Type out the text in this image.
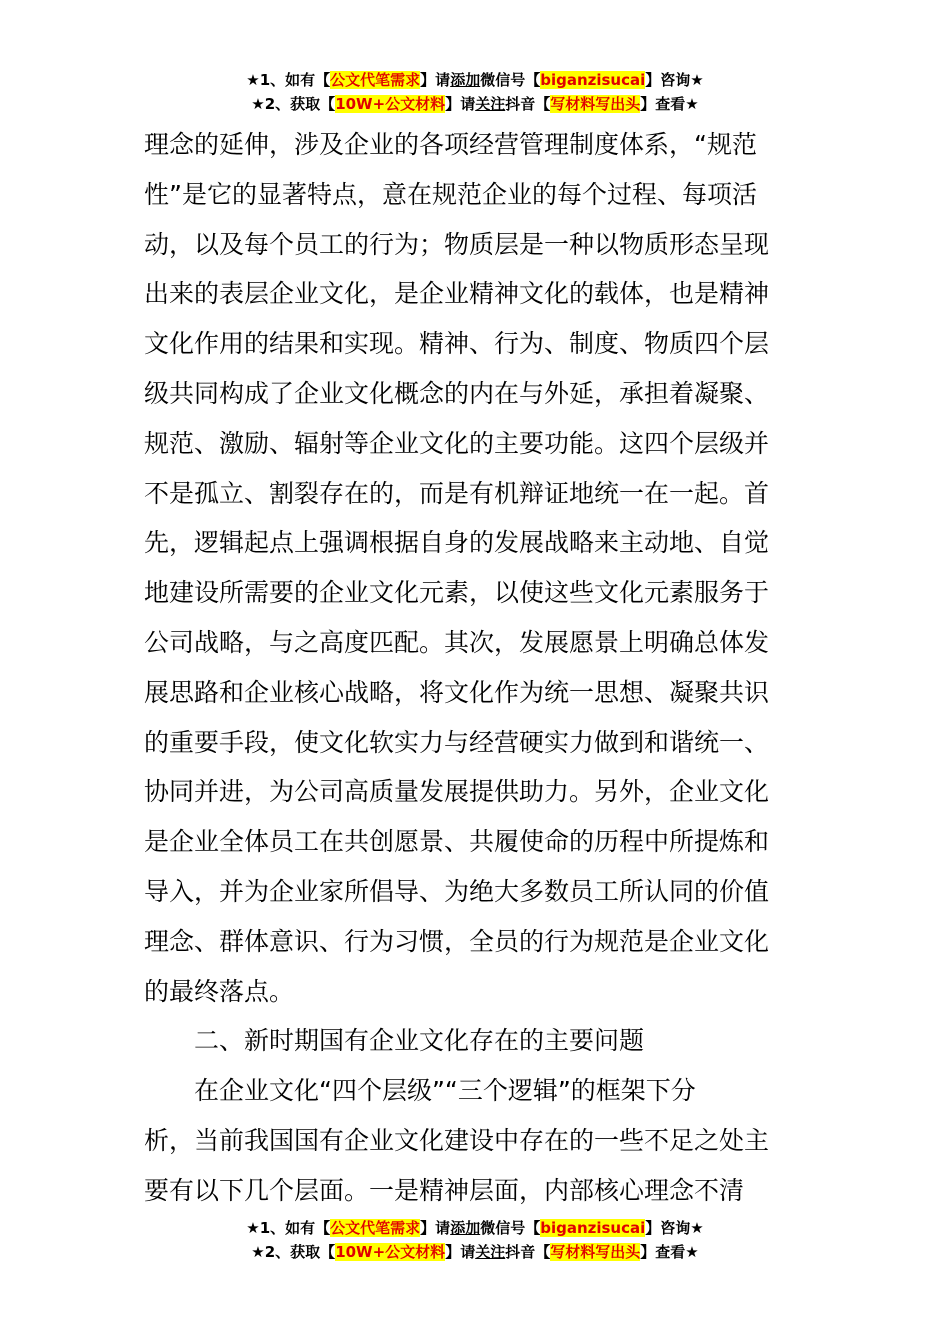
★1、如有【公文代笔需求】请添加微信号【biganzisucai】咨询★
★2、获取【10W+公文材料】请关注抖音【写材料写出头】查看★

理念的延伸，涉及企业的各项经营管理制度体系，“规范
性”是它的显著特点，意在规范企业的每个过程、每项活
动，以及每个员工的行为；物质层是一种以物质形态呈现
出来的表层企业文化，是企业精神文化的载体，也是精神
文化作用的结果和实现。精神、行为、制度、物质四个层
级共同构成了企业文化概念的内在与外延，承担着凝聚、
规范、激励、辐射等企业文化的主要功能。这四个层级并
不是孤立、割裂存在的，而是有机辩证地统一在一起。首
先，逻辑起点上强调根据自身的发展战略来主动地、自觉
地建设所需要的企业文化元素，以使这些文化元素服务于
公司战略，与之高度匹配。其次，发展愿景上明确总体发
展思路和企业核心战略，将文化作为统一思想、凝聚共识
的重要手段，使文化软实力与经营硬实力做到和谐统一、
协同并进，为公司高质量发展提供助力。另外，企业文化
是企业全体员工在共创愿景、共履使命的历程中所提炼和
导入，并为企业家所倡导、为绝大多数员工所认同的价值
理念、群体意识、行为习惯，全员的行为规范是企业文化
的最终落点。

二、新时期国有企业文化存在的主要问题

在企业文化“四个层级”“三个逻辑”的框架下分
析，当前我国国有企业文化建设中存在的一些不足之处主
要有以下几个层面。一是精神层面，内部核心理念不清

★1、如有【公文代笔需求】请添加微信号【biganzisucai】咨询★
★2、获取【10W+公文材料】请关注抖音【写材料写出头】查看★
